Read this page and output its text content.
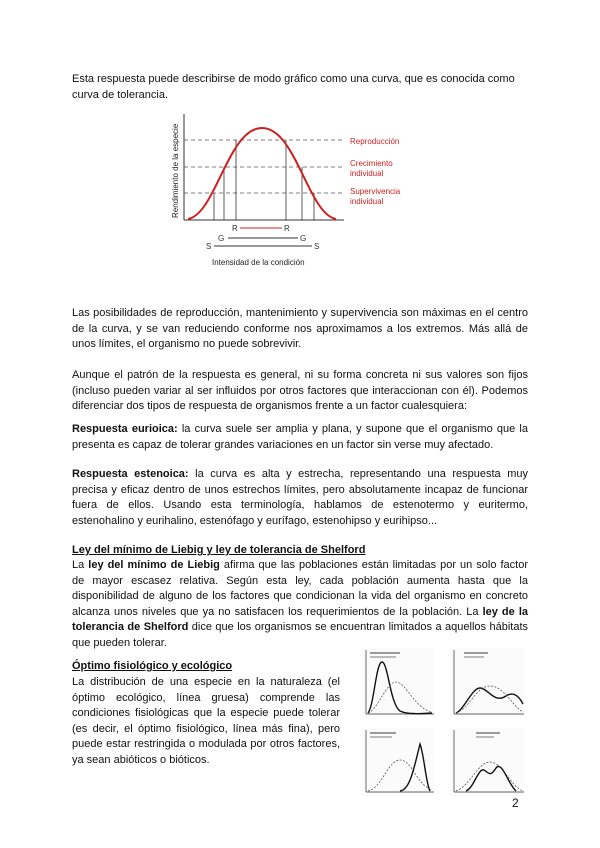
Esta respuesta puede describirse de modo gráfico como una curva, que es conocida como curva de tolerancia.

Rendimiento de la especie	Reproducción
Crecimiento
individual
Supervivencia
individual
R	R
G	G
S	S
Intensidad de la condición

Las posibilidades de reproducción, mantenimiento y supervivencia son máximas en el centro de la curva, y se van reduciendo conforme nos aproximamos a los extremos. Más allá de unos límites, el organismo no puede sobrevivir.

Aunque el patrón de la respuesta es general, ni su forma concreta ni sus valores son fijos (incluso pueden variar al ser influidos por otros factores que interaccionan con él). Podemos diferenciar dos tipos de respuesta de organismos frente a un factor cualesquiera:

Respuesta eurioica: la curva suele ser amplia y plana, y supone que el organismo que la presenta es capaz de tolerar grandes variaciones en un factor sin verse muy afectado.

Respuesta estenoica: la curva es alta y estrecha, representando una respuesta muy precisa y eficaz dentro de unos estrechos límites, pero absolutamente incapaz de funcionar fuera de ellos. Usando esta terminología, hablamos de estenotermo y euritermo, estenohalino y eurihalino, estenófago y eurífago, estenohipso y eurihipso...

Ley del mínimo de Liebig y ley de tolerancia de Shelford

La ley del mínimo de Liebig afirma que las poblaciones están limitadas por un solo factor de mayor escasez relativa. Según esta ley, cada población aumenta hasta que la disponibilidad de alguno de los factores que condicionan la vida del organismo en concreto alcanza unos niveles que ya no satisfacen los requerimientos de la población. La ley de la tolerancia de Shelford dice que los organismos se encuentran limitados a aquellos hábitats que pueden tolerar.

Óptimo fisiológico y ecológico

La distribución de una especie en la naturaleza (el óptimo ecológico, línea gruesa) comprende las condiciones fisiológicas que la especie puede tolerar (es decir, el óptimo fisiológico, línea más fina), pero puede estar restringida o modulada por otros factores, ya sean abióticos o bióticos.

2
